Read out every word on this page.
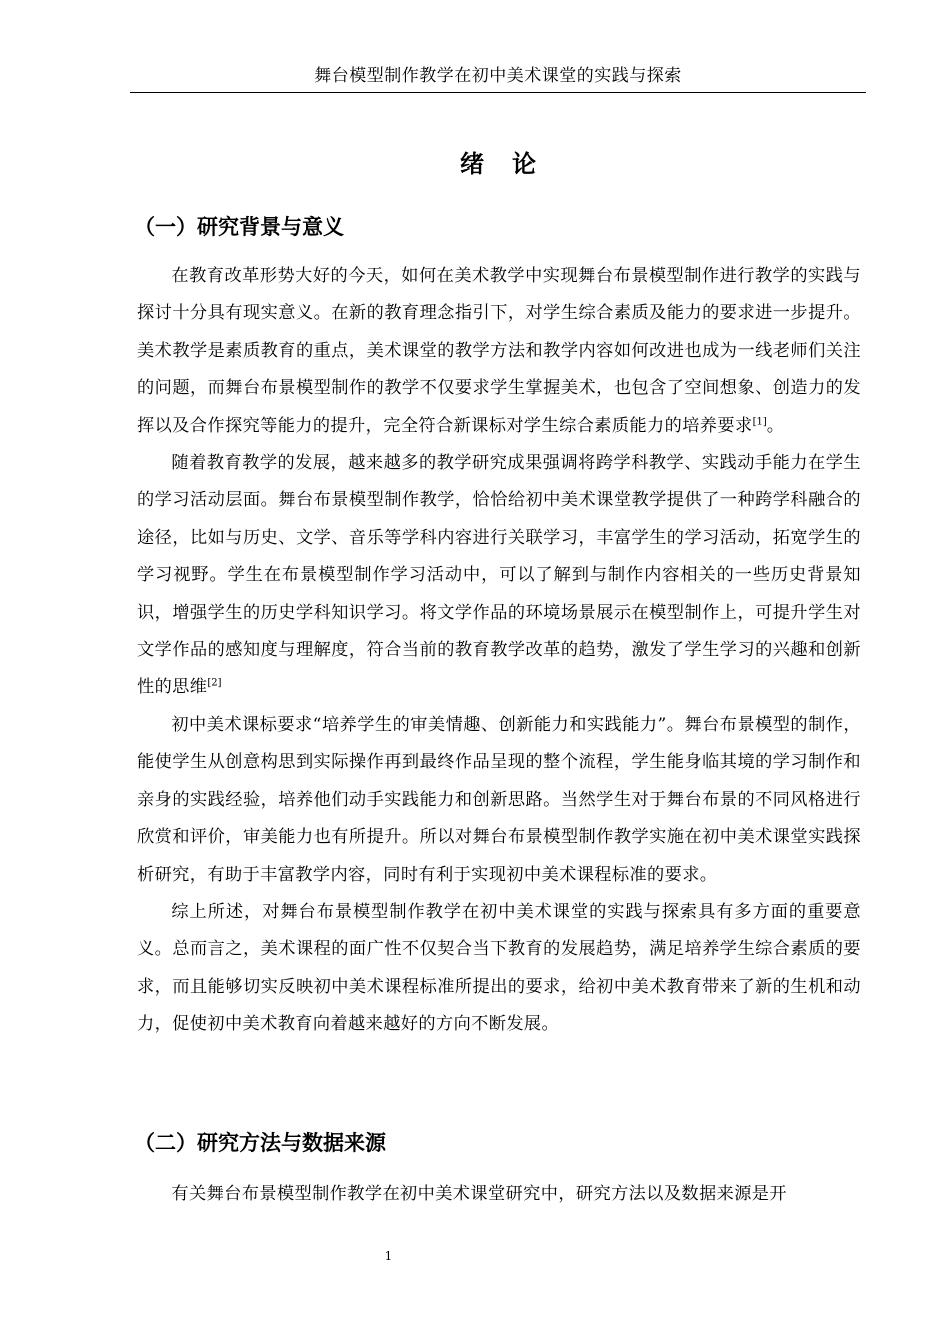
舞台模型制作教学在初中美术课堂的实践与探索
绪论
（一）研究背景与意义

在教育改革形势大好的今天，如何在美术教学中实现舞台布景模型制作进行教学的实践与探讨十分具有现实意义。在新的教育理念指引下，对学生综合素质及能力的要求进一步提升。美术教学是素质教育的重点，美术课堂的教学方法和教学内容如何改进也成为一线老师们关注的问题，而舞台布景模型制作的教学不仅要求学生掌握美术，也包含了空间想象、创造力的发挥以及合作探究等能力的提升，完全符合新课标对学生综合素质能力的培养要求[1]。

随着教育教学的发展，越来越多的教学研究成果强调将跨学科教学、实践动手能力在学生的学习活动层面。舞台布景模型制作教学，恰恰给初中美术课堂教学提供了一种跨学科融合的途径，比如与历史、文学、音乐等学科内容进行关联学习，丰富学生的学习活动，拓宽学生的学习视野。学生在布景模型制作学习活动中，可以了解到与制作内容相关的一些历史背景知识，增强学生的历史学科知识学习。将文学作品的环境场景展示在模型制作上，可提升学生对文学作品的感知度与理解度，符合当前的教育教学改革的趋势，激发了学生学习的兴趣和创新性的思维[2]

初中美术课标要求“培养学生的审美情趣、创新能力和实践能力”。舞台布景模型的制作，能使学生从创意构思到实际操作再到最终作品呈现的整个流程，学生能身临其境的学习制作和亲身的实践经验，培养他们动手实践能力和创新思路。当然学生对于舞台布景的不同风格进行欣赏和评价，审美能力也有所提升。所以对舞台布景模型制作教学实施在初中美术课堂实践探析研究，有助于丰富教学内容，同时有利于实现初中美术课程标准的要求。

综上所述，对舞台布景模型制作教学在初中美术课堂的实践与探索具有多方面的重要意义。总而言之，美术课程的面广性不仅契合当下教育的发展趋势，满足培养学生综合素质的要求，而且能够切实反映初中美术课程标准所提出的要求，给初中美术教育带来了新的生机和动力，促使初中美术教育向着越来越好的方向不断发展。

（二）研究方法与数据来源

有关舞台布景模型制作教学在初中美术课堂研究中，研究方法以及数据来源是开

1
